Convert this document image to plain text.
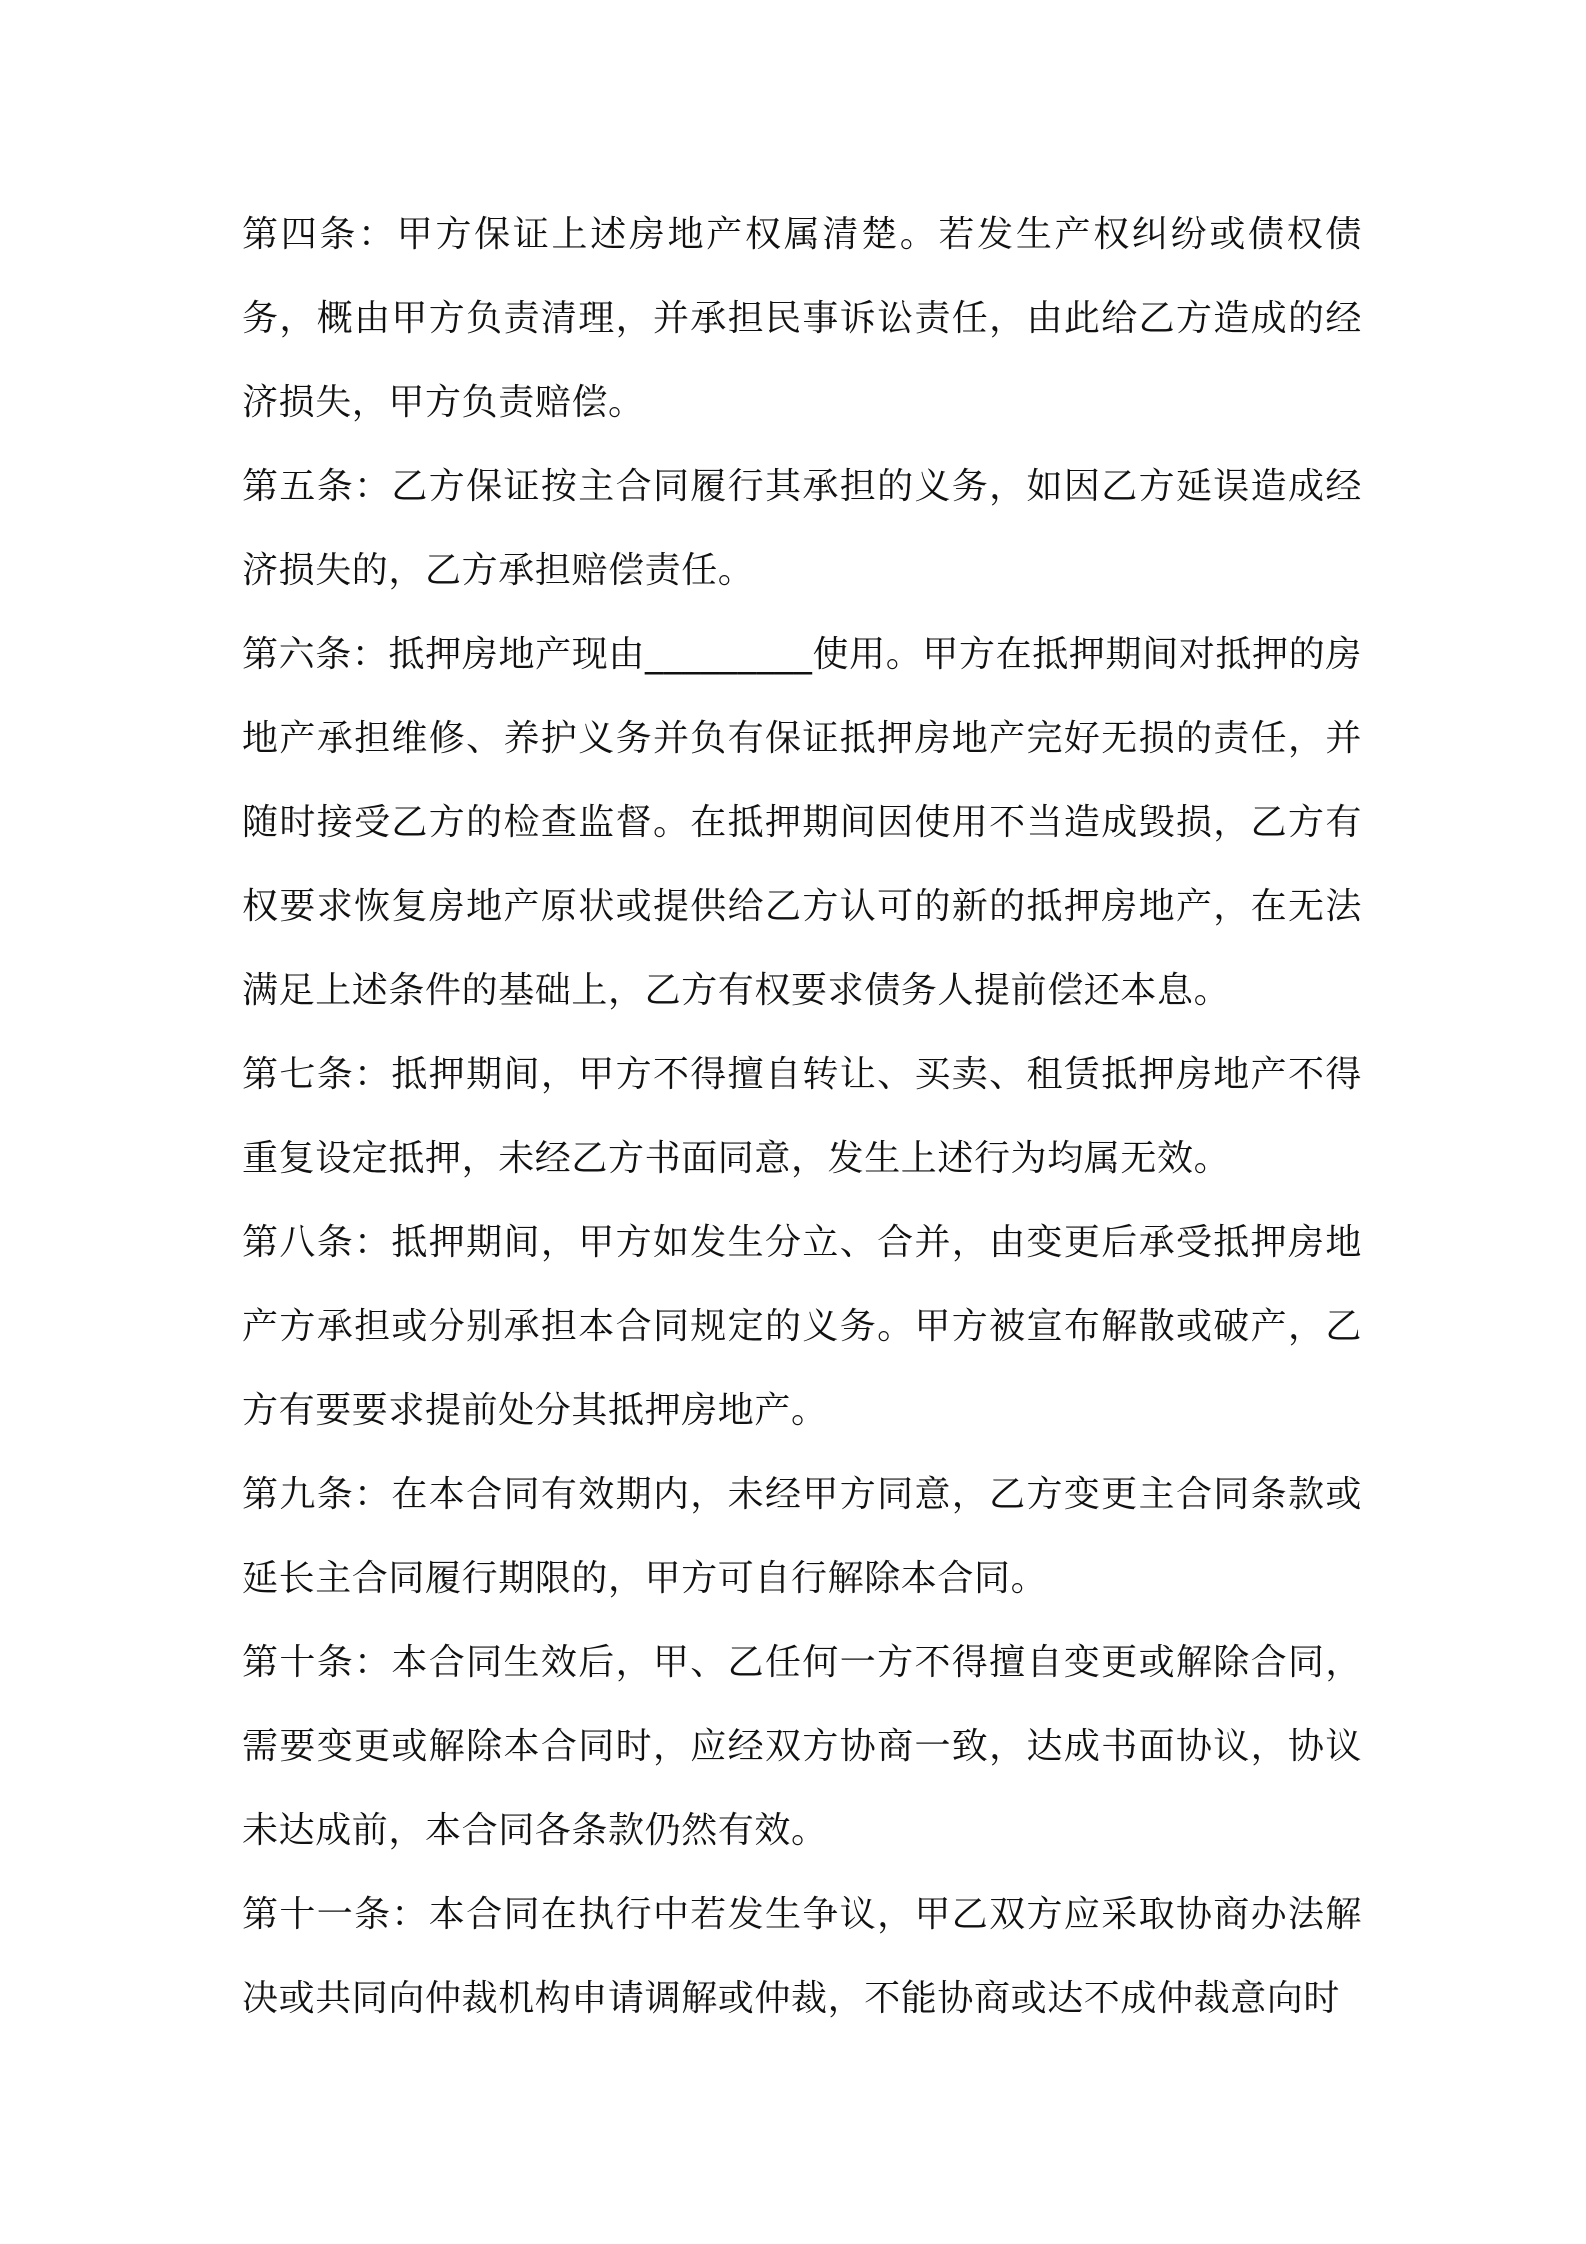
第四条：甲方保证上述房地产权属清楚。若发生产权纠纷或债权债务，概由甲方负责清理，并承担民事诉讼责任，由此给乙方造成的经济损失，甲方负责赔偿。

第五条：乙方保证按主合同履行其承担的义务，如因乙方延误造成经济损失的，乙方承担赔偿责任。

第六条：抵押房地产现由_________使用。甲方在抵押期间对抵押的房地产承担维修、养护义务并负有保证抵押房地产完好无损的责任，并随时接受乙方的检查监督。在抵押期间因使用不当造成毁损，乙方有权要求恢复房地产原状或提供给乙方认可的新的抵押房地产，在无法满足上述条件的基础上，乙方有权要求债务人提前偿还本息。

第七条：抵押期间，甲方不得擅自转让、买卖、租赁抵押房地产不得重复设定抵押，未经乙方书面同意，发生上述行为均属无效。

第八条：抵押期间，甲方如发生分立、合并，由变更后承受抵押房地产方承担或分别承担本合同规定的义务。甲方被宣布解散或破产，乙方有要要求提前处分其抵押房地产。

第九条：在本合同有效期内，未经甲方同意，乙方变更主合同条款或延长主合同履行期限的，甲方可自行解除本合同。

第十条：本合同生效后，甲、乙任何一方不得擅自变更或解除合同，需要变更或解除本合同时，应经双方协商一致，达成书面协议，协议未达成前，本合同各条款仍然有效。

第十一条：本合同在执行中若发生争议，甲乙双方应采取协商办法解决或共同向仲裁机构申请调解或仲裁，不能协商或达不成仲裁意向时
